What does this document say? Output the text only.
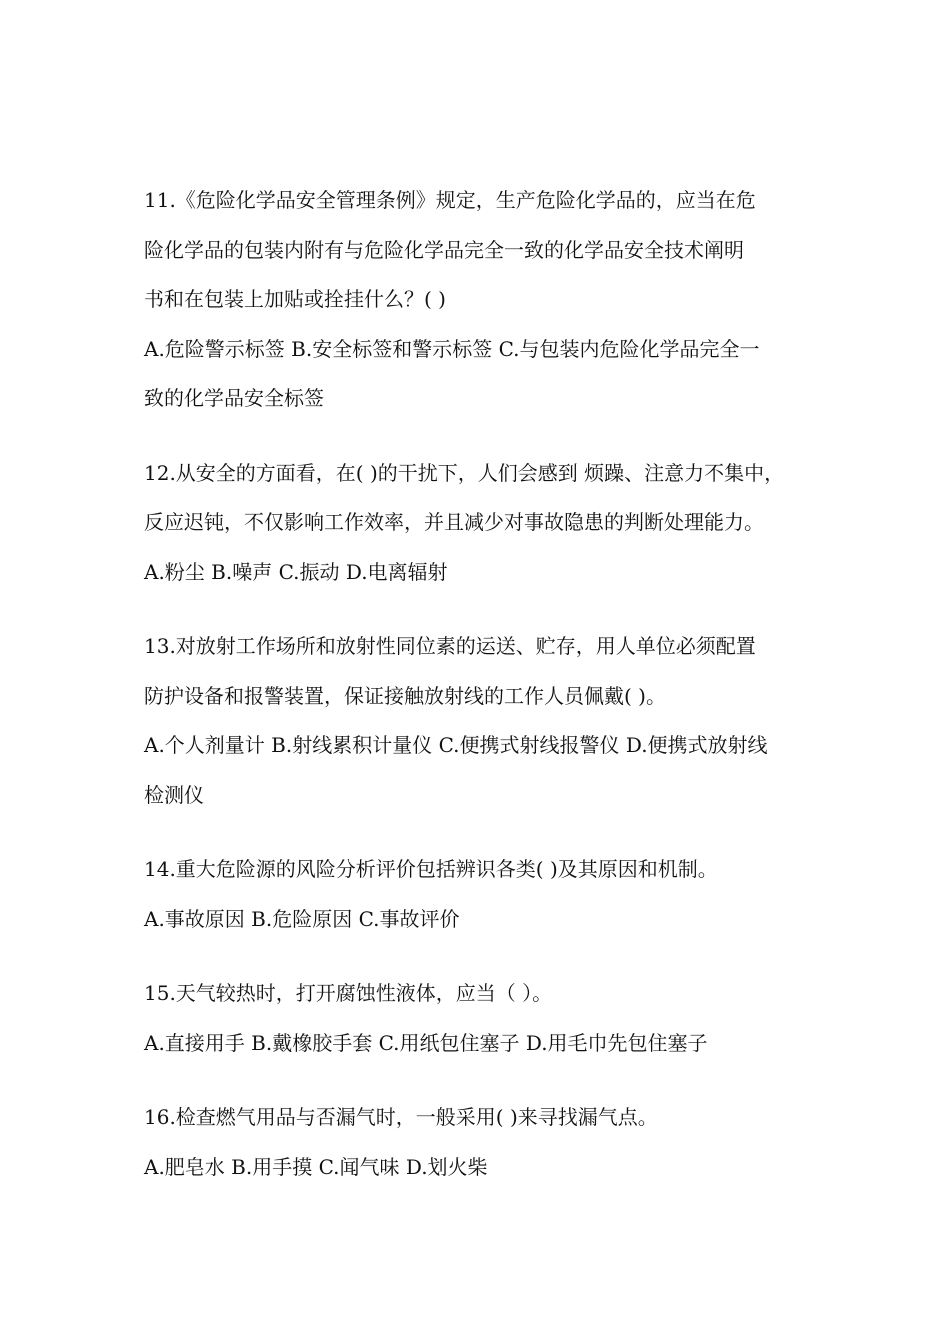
11.《危险化学品安全管理条例》规定，生产危险化学品的，应当在危
险化学品的包装内附有与危险化学品完全一致的化学品安全技术阐明
书和在包装上加贴或拴挂什么？( )
A.危险警示标签 B.安全标签和警示标签 C.与包装内危险化学品完全一
致的化学品安全标签
12.从安全的方面看，在( )的干扰下，人们会感到 烦躁、注意力不集中，
反应迟钝，不仅影响工作效率，并且减少对事故隐患的判断处理能力。
A.粉尘 B.噪声 C.振动 D.电离辐射
13.对放射工作场所和放射性同位素的运送、贮存，用人单位必须配置
防护设备和报警装置，保证接触放射线的工作人员佩戴( )。
A.个人剂量计 B.射线累积计量仪 C.便携式射线报警仪 D.便携式放射线
检测仪
14.重大危险源的风险分析评价包括辨识各类( )及其原因和机制。
A.事故原因 B.危险原因 C.事故评价
15.天气较热时，打开腐蚀性液体，应当（ ）。
A.直接用手 B.戴橡胶手套 C.用纸包住塞子 D.用毛巾先包住塞子
16.检查燃气用品与否漏气时，一般采用( )来寻找漏气点。
A.肥皂水 B.用手摸 C.闻气味 D.划火柴
